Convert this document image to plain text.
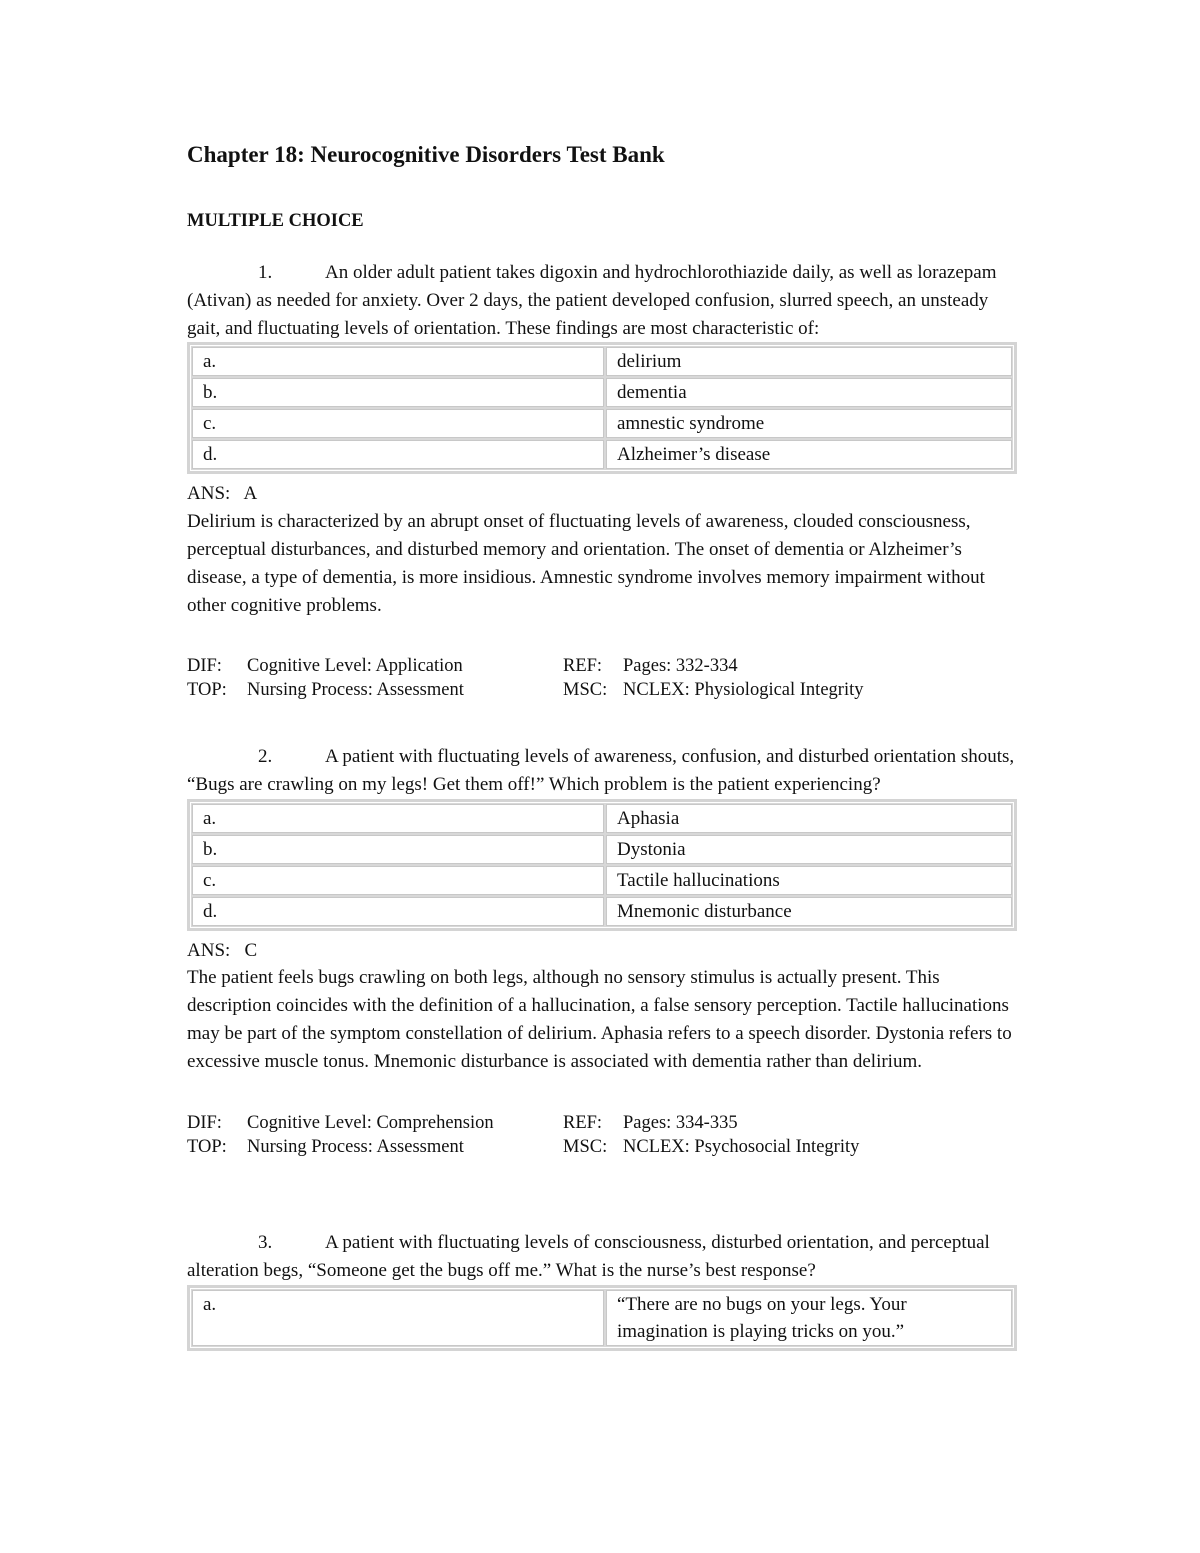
Chapter 18: Neurocognitive Disorders Test Bank
MULTIPLE CHOICE
1.	An older adult patient takes digoxin and hydrochlorothiazide daily, as well as lorazepam (Ativan) as needed for anxiety. Over 2 days, the patient developed confusion, slurred speech, an unsteady gait, and fluctuating levels of orientation. These findings are most characteristic of:
a.	delirium
b.	dementia
c.	amnestic syndrome
d.	Alzheimer’s disease
ANS:   A
Delirium is characterized by an abrupt onset of fluctuating levels of awareness, clouded consciousness, perceptual disturbances, and disturbed memory and orientation. The onset of dementia or Alzheimer’s disease, a type of dementia, is more insidious. Amnestic syndrome involves memory impairment without other cognitive problems.
DIF:	Cognitive Level: Application	REF:	Pages: 332-334
TOP:	Nursing Process: Assessment	MSC: NCLEX: Physiological Integrity
2.	A patient with fluctuating levels of awareness, confusion, and disturbed orientation shouts, “Bugs are crawling on my legs! Get them off!” Which problem is the patient experiencing?
a.	Aphasia
b.	Dystonia
c.	Tactile hallucinations
d.	Mnemonic disturbance
ANS:   C
The patient feels bugs crawling on both legs, although no sensory stimulus is actually present. This description coincides with the definition of a hallucination, a false sensory perception. Tactile hallucinations may be part of the symptom constellation of delirium. Aphasia refers to a speech disorder. Dystonia refers to excessive muscle tonus. Mnemonic disturbance is associated with dementia rather than delirium.
DIF:	Cognitive Level: Comprehension	REF:	Pages: 334-335
TOP:	Nursing Process: Assessment	MSC: NCLEX: Psychosocial Integrity
3.	A patient with fluctuating levels of consciousness, disturbed orientation, and perceptual alteration begs, “Someone get the bugs off me.” What is the nurse’s best response?
a.	“There are no bugs on your legs. Your imagination is playing tricks on you.”
